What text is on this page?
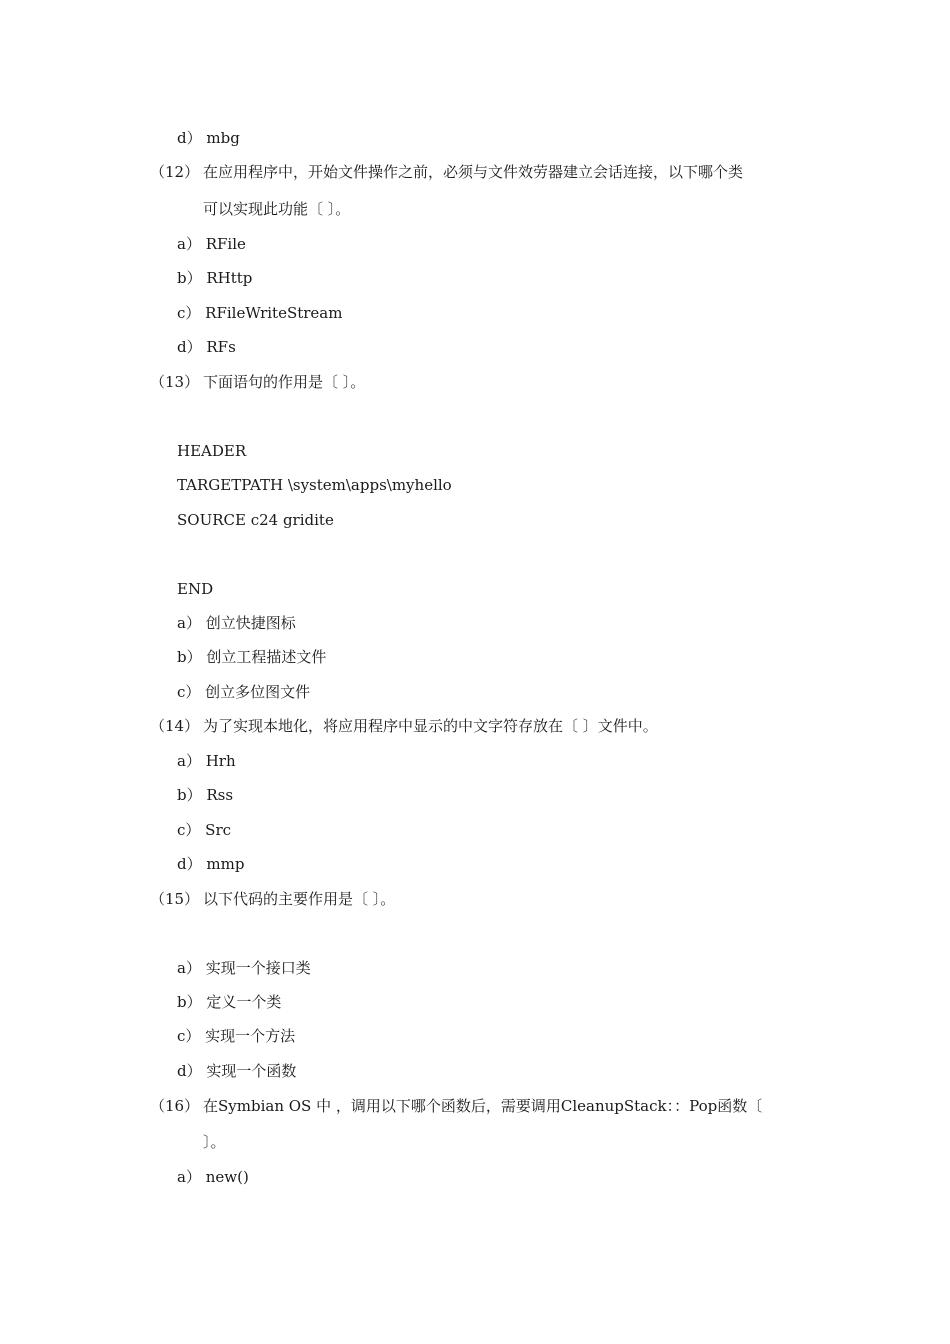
d） mbg
（12） 在应用程序中，开始文件操作之前，必须与文件效劳器建立会话连接，以下哪个类
可以实现此功能〔 〕。
a） RFile
b） RHttp
c） RFileWriteStream
d） RFs
（13） 下面语句的作用是〔 〕。
HEADER
TARGETPATH \system\apps\myhello
SOURCE c24 gridite
END
a） 创立快捷图标
b） 创立工程描述文件
c） 创立多位图文件
（14） 为了实现本地化，将应用程序中显示的中文字符存放在〔 〕文件中。
a） Hrh
b） Rss
c） Src
d） mmp
（15） 以下代码的主要作用是〔 〕。
a） 实现一个接口类
b） 定义一个类
c） 实现一个方法
d） 实现一个函数
（16） 在Symbian OS 中 ，调用以下哪个函数后，需要调用CleanupStack：：Pop函数〔
〕。
a） new()
